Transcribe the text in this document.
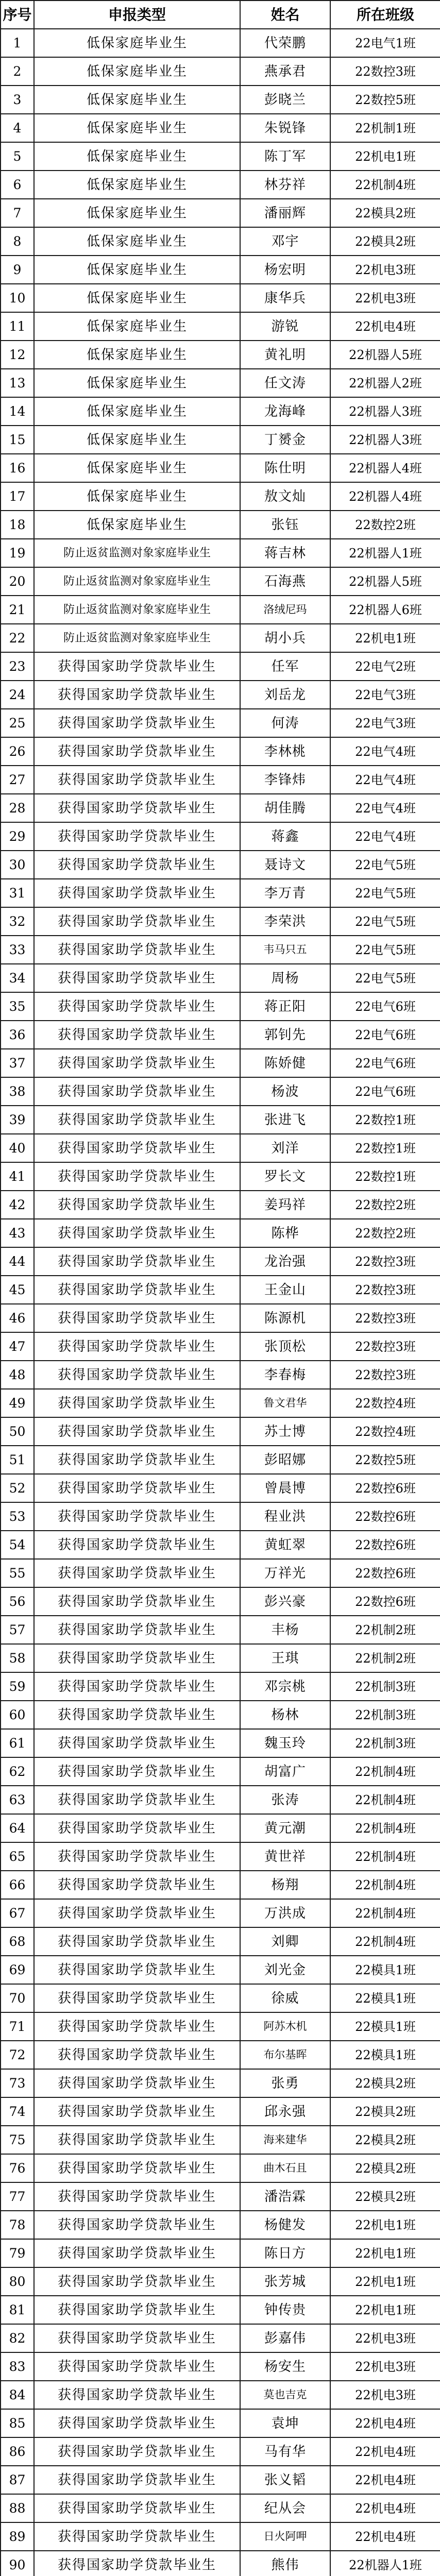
序号	申报类型	姓名	所在班级
1	低保家庭毕业生	代荣鹏	22电气1班
2	低保家庭毕业生	燕承君	22数控3班
3	低保家庭毕业生	彭晓兰	22数控5班
4	低保家庭毕业生	朱锐锋	22机制1班
5	低保家庭毕业生	陈丁军	22机电1班
6	低保家庭毕业生	林芬祥	22机制4班
7	低保家庭毕业生	潘丽辉	22模具2班
8	低保家庭毕业生	邓宇	22模具2班
9	低保家庭毕业生	杨宏明	22机电3班
10	低保家庭毕业生	康华兵	22机电3班
11	低保家庭毕业生	游锐	22机电4班
12	低保家庭毕业生	黄礼明	22机器人5班
13	低保家庭毕业生	任文涛	22机器人2班
14	低保家庭毕业生	龙海峰	22机器人3班
15	低保家庭毕业生	丁赟金	22机器人3班
16	低保家庭毕业生	陈仕明	22机器人4班
17	低保家庭毕业生	敖文灿	22机器人4班
18	低保家庭毕业生	张钰	22数控2班
19	防止返贫监测对象家庭毕业生	蒋吉林	22机器人1班
20	防止返贫监测对象家庭毕业生	石海燕	22机器人5班
21	防止返贫监测对象家庭毕业生	洛绒尼玛	22机器人6班
22	防止返贫监测对象家庭毕业生	胡小兵	22机电1班
23	获得国家助学贷款毕业生	任军	22电气2班
24	获得国家助学贷款毕业生	刘岳龙	22电气3班
25	获得国家助学贷款毕业生	何涛	22电气3班
26	获得国家助学贷款毕业生	李林桃	22电气4班
27	获得国家助学贷款毕业生	李锋炜	22电气4班
28	获得国家助学贷款毕业生	胡佳腾	22电气4班
29	获得国家助学贷款毕业生	蒋鑫	22电气4班
30	获得国家助学贷款毕业生	聂诗文	22电气5班
31	获得国家助学贷款毕业生	李万青	22电气5班
32	获得国家助学贷款毕业生	李荣洪	22电气5班
33	获得国家助学贷款毕业生	韦马只五	22电气5班
34	获得国家助学贷款毕业生	周杨	22电气5班
35	获得国家助学贷款毕业生	蒋正阳	22电气6班
36	获得国家助学贷款毕业生	郭钊先	22电气6班
37	获得国家助学贷款毕业生	陈娇健	22电气6班
38	获得国家助学贷款毕业生	杨波	22电气6班
39	获得国家助学贷款毕业生	张进飞	22数控1班
40	获得国家助学贷款毕业生	刘洋	22数控1班
41	获得国家助学贷款毕业生	罗长文	22数控1班
42	获得国家助学贷款毕业生	姜玛祥	22数控2班
43	获得国家助学贷款毕业生	陈桦	22数控2班
44	获得国家助学贷款毕业生	龙治强	22数控3班
45	获得国家助学贷款毕业生	王金山	22数控3班
46	获得国家助学贷款毕业生	陈源机	22数控3班
47	获得国家助学贷款毕业生	张顶松	22数控3班
48	获得国家助学贷款毕业生	李春梅	22数控3班
49	获得国家助学贷款毕业生	鲁文君华	22数控4班
50	获得国家助学贷款毕业生	苏士博	22数控4班
51	获得国家助学贷款毕业生	彭昭娜	22数控5班
52	获得国家助学贷款毕业生	曾晨博	22数控6班
53	获得国家助学贷款毕业生	程业洪	22数控6班
54	获得国家助学贷款毕业生	黄虹翠	22数控6班
55	获得国家助学贷款毕业生	万祥光	22数控6班
56	获得国家助学贷款毕业生	彭兴豪	22数控6班
57	获得国家助学贷款毕业生	丰杨	22机制2班
58	获得国家助学贷款毕业生	王琪	22机制2班
59	获得国家助学贷款毕业生	邓宗桃	22机制3班
60	获得国家助学贷款毕业生	杨林	22机制3班
61	获得国家助学贷款毕业生	魏玉玲	22机制3班
62	获得国家助学贷款毕业生	胡富广	22机制4班
63	获得国家助学贷款毕业生	张涛	22机制4班
64	获得国家助学贷款毕业生	黄元潮	22机制4班
65	获得国家助学贷款毕业生	黄世祥	22机制4班
66	获得国家助学贷款毕业生	杨翔	22机制4班
67	获得国家助学贷款毕业生	万洪成	22机制4班
68	获得国家助学贷款毕业生	刘卿	22机制4班
69	获得国家助学贷款毕业生	刘光金	22模具1班
70	获得国家助学贷款毕业生	徐威	22模具1班
71	获得国家助学贷款毕业生	阿苏木机	22模具1班
72	获得国家助学贷款毕业生	布尔基晖	22模具1班
73	获得国家助学贷款毕业生	张勇	22模具2班
74	获得国家助学贷款毕业生	邱永强	22模具2班
75	获得国家助学贷款毕业生	海来建华	22模具2班
76	获得国家助学贷款毕业生	曲木石且	22模具2班
77	获得国家助学贷款毕业生	潘浩霖	22模具2班
78	获得国家助学贷款毕业生	杨健发	22机电1班
79	获得国家助学贷款毕业生	陈日方	22机电1班
80	获得国家助学贷款毕业生	张芳城	22机电1班
81	获得国家助学贷款毕业生	钟传贵	22机电1班
82	获得国家助学贷款毕业生	彭嘉伟	22机电3班
83	获得国家助学贷款毕业生	杨安生	22机电3班
84	获得国家助学贷款毕业生	莫也吉克	22机电3班
85	获得国家助学贷款毕业生	袁坤	22机电4班
86	获得国家助学贷款毕业生	马有华	22机电4班
87	获得国家助学贷款毕业生	张义韬	22机电4班
88	获得国家助学贷款毕业生	纪从会	22机电4班
89	获得国家助学贷款毕业生	日火阿呷	22机电4班
90	获得国家助学贷款毕业生	熊伟	22机器人1班
